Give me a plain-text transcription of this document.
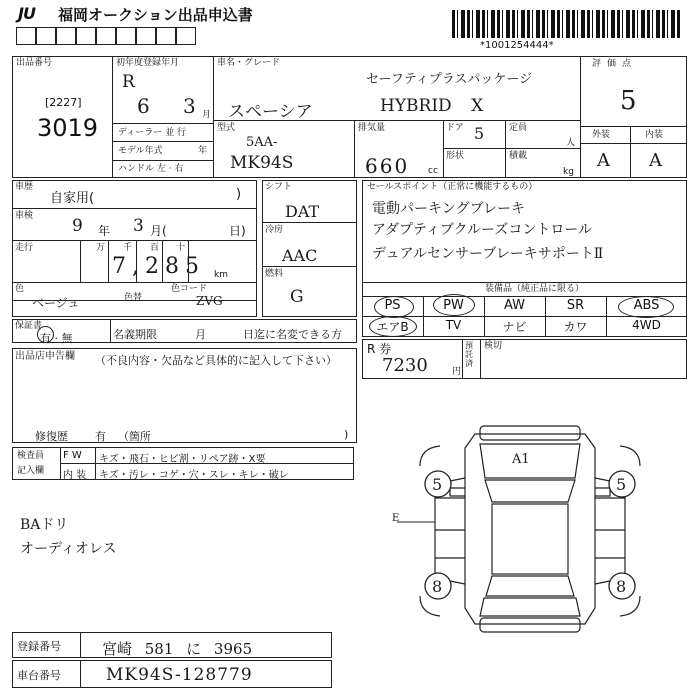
JU 福岡オークション出品申込書
*1001254444*
出品番号
[2227]
3019
初年度登録年月
R
6 3 月
ディーラー 並 行
モデル年式	年
ハンドル 左 · 右
車名・グレード
セーフティプラスパッケージ
スペーシア	HYBRID X
型式
5AA-
MK94S
排気量
660 cc
ドア 5	定員
人
形状	積載
kg
評価点
5
外装	内装
A A
車歴
自家用(	)
車検 9 年 3 月(	日)
走行	万 千 百 十
7,285 km
色
ベージュ	色替
色コード
ZVG
シフト
DAT
冷房
AAC
燃料
G
セールスポイント（正常に機能するもの）
電動パーキングブレーキ
アダプティブクルーズコントロール
デュアルセンサーブレーキサポートⅡ
装備品（純正品に限る）
PS	PW	AW	SR	ABS
エアB	TV	ナビ	カワ	4WD
保証書
有 · 無	名義期限	月	日迄に名変できる方
出品店申告欄 （不良内容・欠品など具体的に記入して下さい）
修復歴 有 （箇所	)
R 券
7230	円
預託済
検切
検査員
記入欄
F W キズ・飛石・ヒビ割・リペア跡・X要
内 装 キズ・汚レ・コゲ・穴・スレ・キレ・破レ
BAドリ
オーディオレス
5	5
8	8
A1
E
登録番号	宮崎 581 に 3965
車台番号	MK94S-128779
